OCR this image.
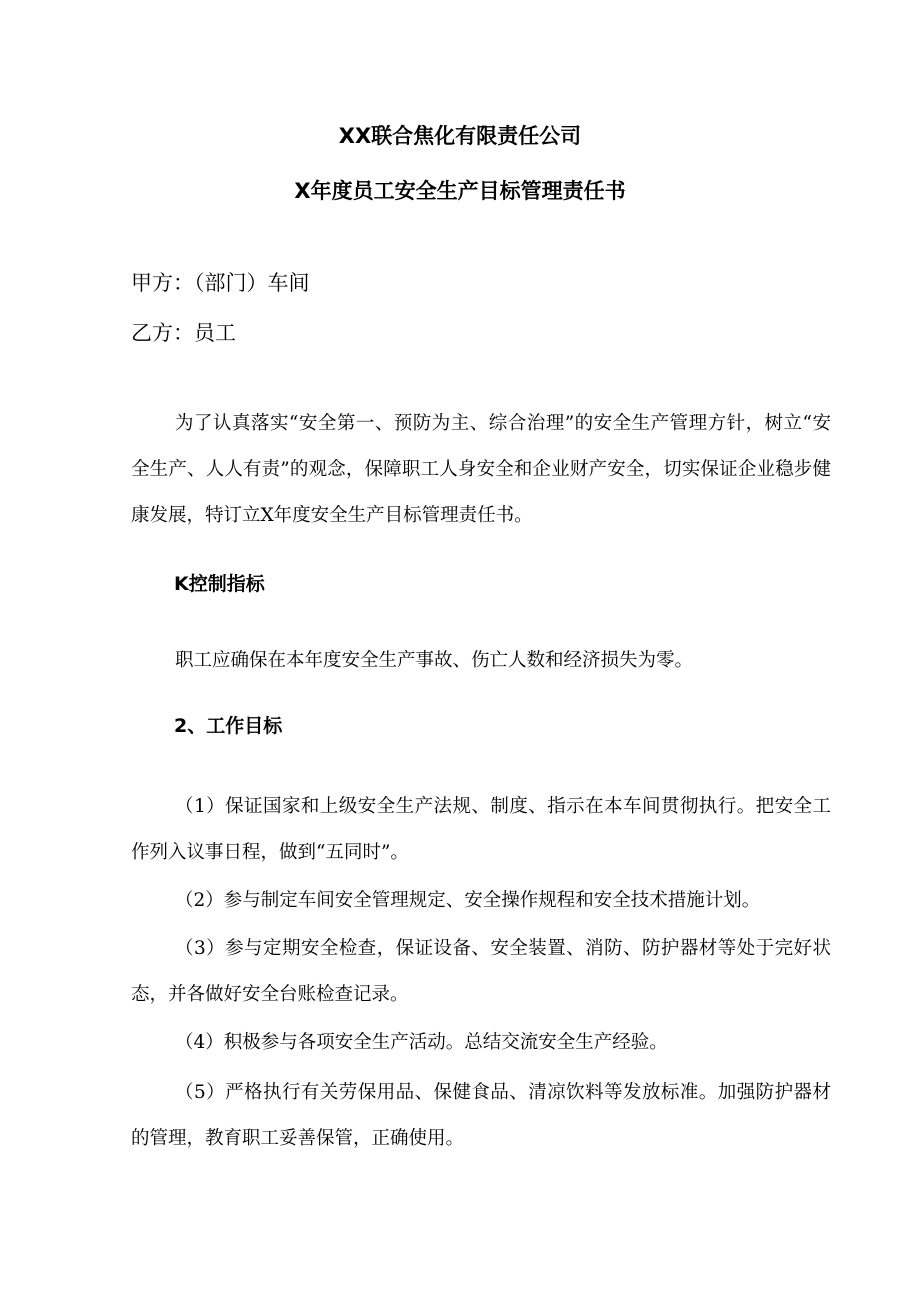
XX联合焦化有限责任公司
X年度员工安全生产目标管理责任书
甲方：（部门）车间
乙方：员工

为了认真落实“安全第一、预防为主、综合治理”的安全生产管理方针，树立“安全生产、人人有责”的观念，保障职工人身安全和企业财产安全，切实保证企业稳步健康发展，特订立X年度安全生产目标管理责任书。

K控制指标

职工应确保在本年度安全生产事故、伤亡人数和经济损失为零。

2、工作目标

（1）保证国家和上级安全生产法规、制度、指示在本车间贯彻执行。把安全工作列入议事日程，做到“五同时”。

（2）参与制定车间安全管理规定、安全操作规程和安全技术措施计划。

（3）参与定期安全检查，保证设备、安全装置、消防、防护器材等处于完好状态，并各做好安全台账检查记录。

（4）积极参与各项安全生产活动。总结交流安全生产经验。

（5）严格执行有关劳保用品、保健食品、清凉饮料等发放标准。加强防护器材的管理，教育职工妥善保管，正确使用。
